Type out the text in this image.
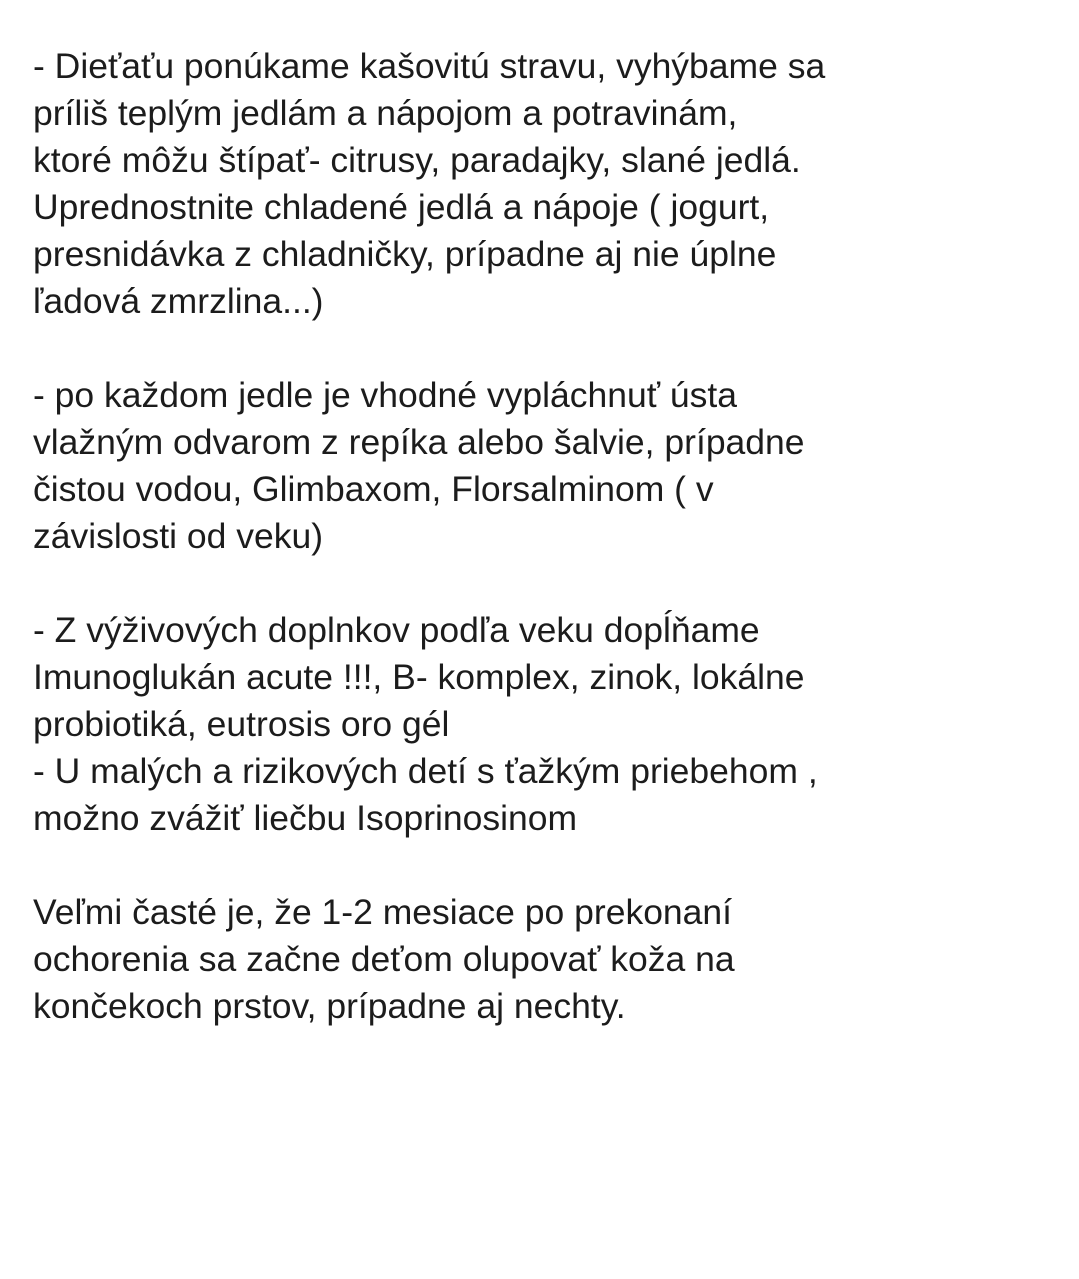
- Dieťaťu ponúkame kašovitú stravu, vyhýbame sa
príliš teplým jedlám a nápojom a potravinám,
ktoré môžu štípať- citrusy, paradajky, slané jedlá.
Uprednostnite chladené jedlá a nápoje ( jogurt,
presnidávka z chladničky, prípadne aj nie úplne
ľadová zmrzlina...)

- po každom jedle je vhodné vypláchnuť ústa
vlažným odvarom z repíka alebo šalvie, prípadne
čistou vodou, Glimbaxom, Florsalminom ( v
závislosti od veku)

- Z výživových doplnkov podľa veku dopĺňame
Imunoglukán acute !!!, B- komplex, zinok, lokálne
probiotiká, eutrosis oro gél
- U malých a rizikových detí s ťažkým priebehom ,
možno zvážiť liečbu Isoprinosinom

Veľmi časté je, že 1-2 mesiace po prekonaní
ochorenia sa začne deťom olupovať koža na
končekoch prstov, prípadne aj nechty.
